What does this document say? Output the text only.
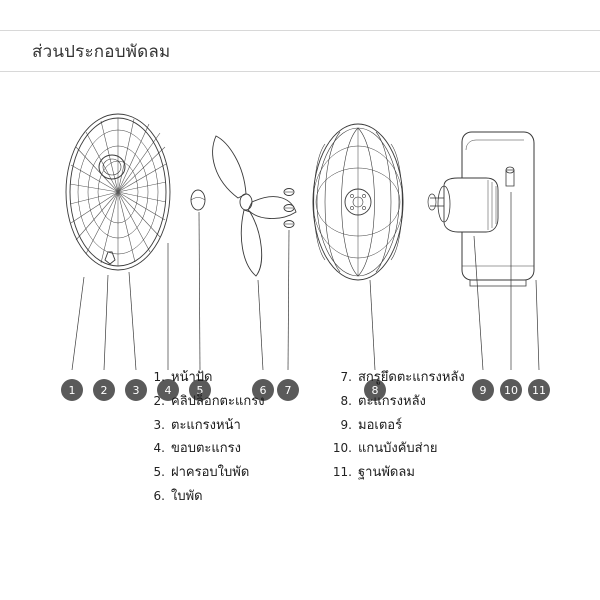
ส่วนประกอบพัดลม
1 2 3 4 5	6 7	8	9 10 11
1. หน้าปัด
2. คลิปล็อกตะแกรง
3. ตะแกรงหน้า
4. ขอบตะแกรง
5. ฝาครอบใบพัด
6. ใบพัด
7. สกรูยึดตะแกรงหลัง
8. ตะแกรงหลัง
9. มอเตอร์
10. แกนบังคับส่าย
11. ฐานพัดลม
